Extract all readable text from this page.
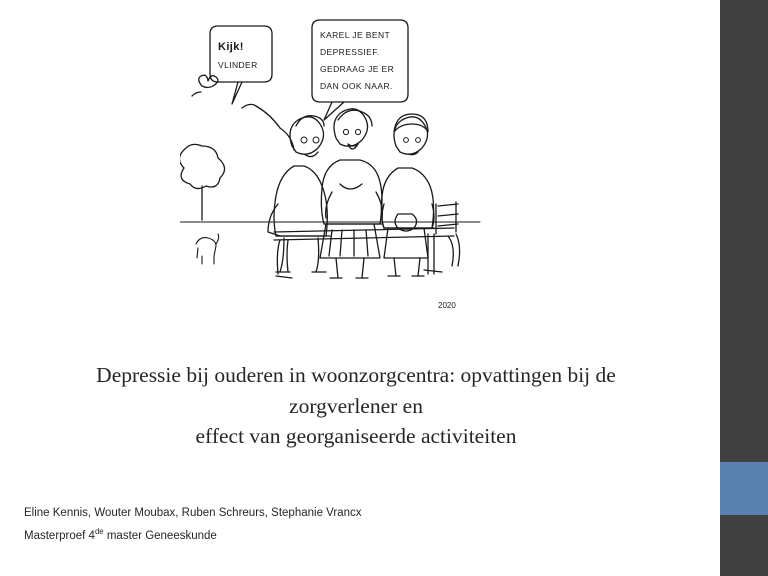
Kijk!
VLINDER
KAREL JE BENT
DEPRESSIEF.
GEDRAAG JE ER
DAN OOK NAAR.
2020
Depressie bij ouderen in woonzorgcentra: opvattingen bij de
zorgverlener en
effect van georganiseerde activiteiten
Eline Kennis, Wouter Moubax, Ruben Schreurs, Stephanie Vrancx
Masterproef 4de master Geneeskunde
